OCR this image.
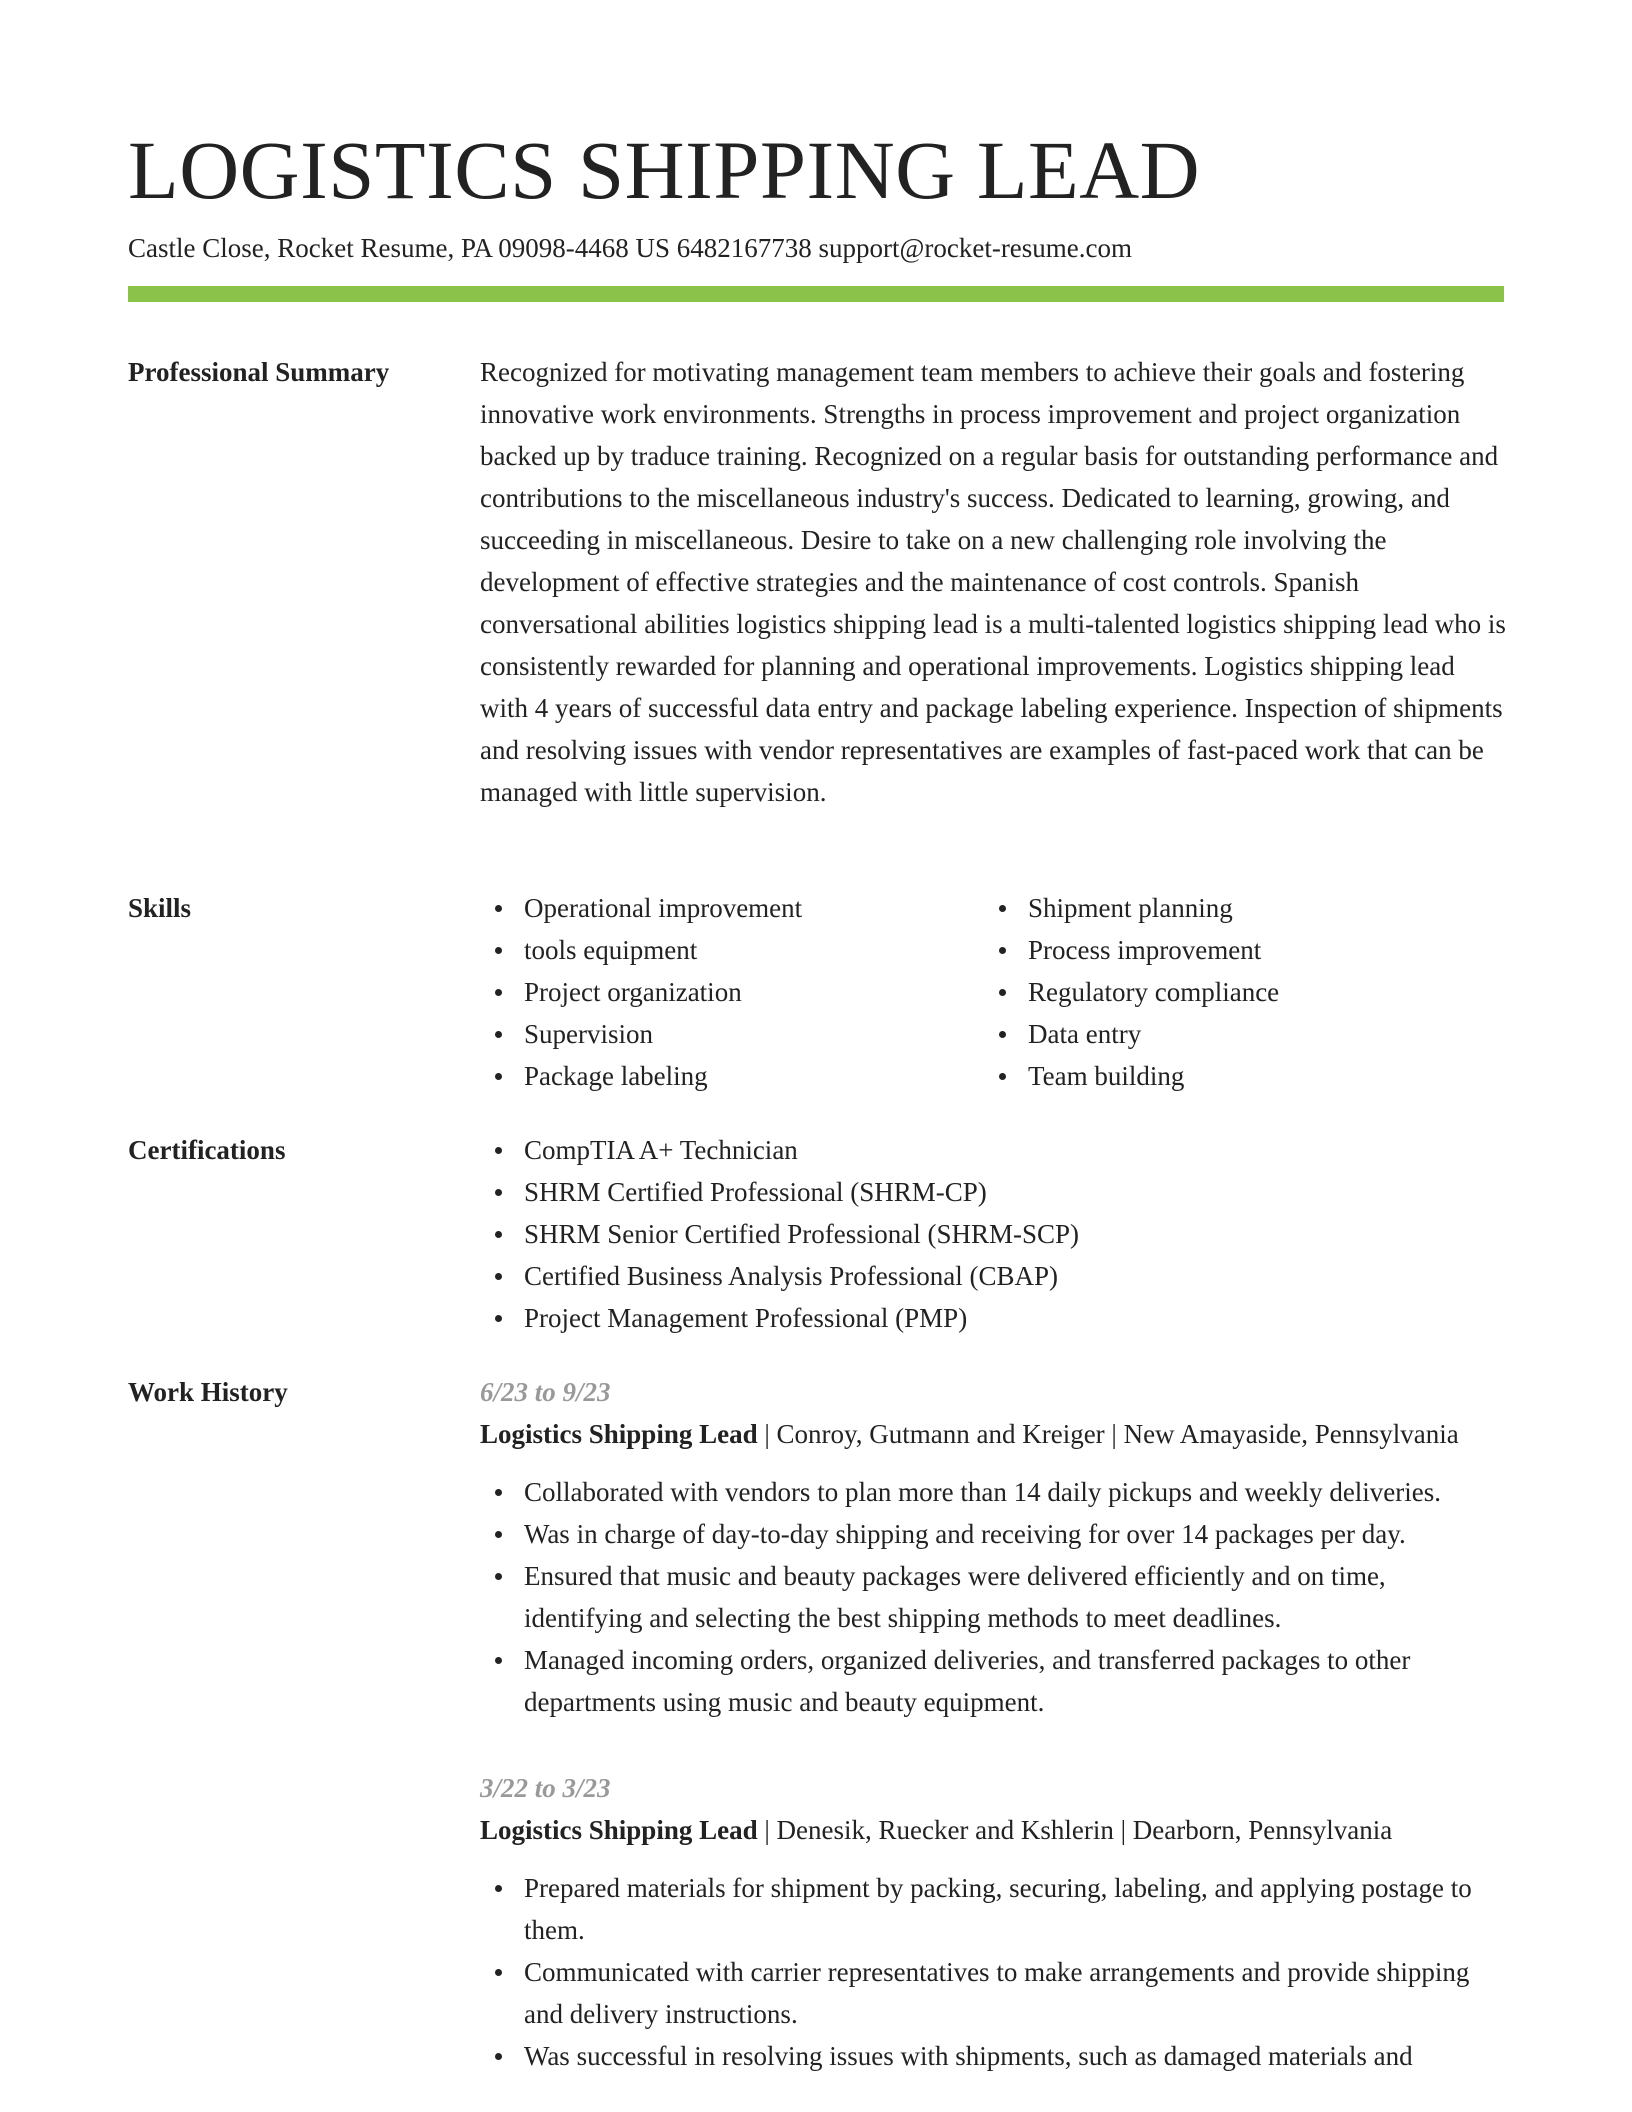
LOGISTICS SHIPPING LEAD
Castle Close, Rocket Resume, PA 09098-4468 US 6482167738 support@rocket-resume.com
Professional Summary	Recognized for motivating management team members to achieve their goals and fostering innovative work environments. Strengths in process improvement and project organization backed up by traduce training. Recognized on a regular basis for outstanding performance and contributions to the miscellaneous industry's success. Dedicated to learning, growing, and succeeding in miscellaneous. Desire to take on a new challenging role involving the development of effective strategies and the maintenance of cost controls. Spanish conversational abilities logistics shipping lead is a multi-talented logistics shipping lead who is consistently rewarded for planning and operational improvements. Logistics shipping lead with 4 years of successful data entry and package labeling experience. Inspection of shipments and resolving issues with vendor representatives are examples of fast-paced work that can be managed with little supervision.
Skills	Operational improvement
tools equipment
Project organization
Supervision
Package labeling
Shipment planning
Process improvement
Regulatory compliance
Data entry
Team building
Certifications	CompTIA A+ Technician
SHRM Certified Professional (SHRM-CP)
SHRM Senior Certified Professional (SHRM-SCP)
Certified Business Analysis Professional (CBAP)
Project Management Professional (PMP)
Work History	6/23 to 9/23
Logistics Shipping Lead | Conroy, Gutmann and Kreiger | New Amayaside, Pennsylvania
Collaborated with vendors to plan more than 14 daily pickups and weekly deliveries.
Was in charge of day-to-day shipping and receiving for over 14 packages per day.
Ensured that music and beauty packages were delivered efficiently and on time, identifying and selecting the best shipping methods to meet deadlines.
Managed incoming orders, organized deliveries, and transferred packages to other departments using music and beauty equipment.
3/22 to 3/23
Logistics Shipping Lead | Denesik, Ruecker and Kshlerin | Dearborn, Pennsylvania
Prepared materials for shipment by packing, securing, labeling, and applying postage to them.
Communicated with carrier representatives to make arrangements and provide shipping and delivery instructions.
Was successful in resolving issues with shipments, such as damaged materials and
